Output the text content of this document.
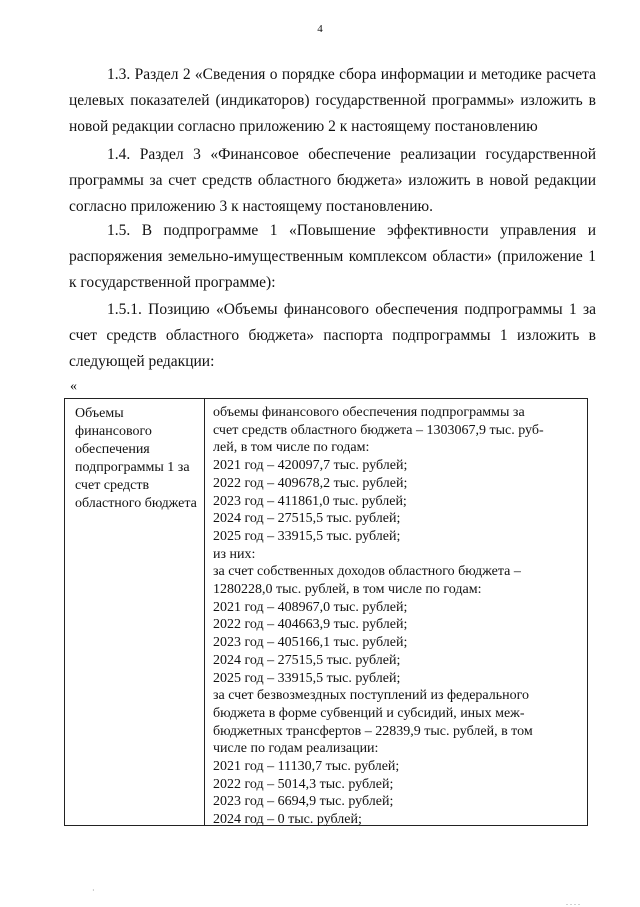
4
1.3. Раздел 2 «Сведения о порядке сбора информации и методике расчета целевых показателей (индикаторов) государственной программы» изложить в новой редакции согласно приложению 2 к настоящему постановлению
1.4. Раздел 3 «Финансовое обеспечение реализации государственной программы за счет средств областного бюджета» изложить в новой редакции согласно приложению 3 к настоящему постановлению.
1.5. В подпрограмме 1 «Повышение эффективности управления и распоряжения земельно-имущественным комплексом области» (приложение 1 к государственной программе):
1.5.1. Позицию «Объемы финансового обеспечения подпрограммы 1 за счет средств областного бюджета» паспорта подпрограммы 1 изложить в следующей редакции:
«
Объемы финансового обеспечения подпрограммы 1 за счет средств областного бюджета
объемы финансового обеспечения подпрограммы за
счет средств областного бюджета – 1303067,9 тыс. руб-
лей, в том числе по годам:
2021 год – 420097,7 тыс. рублей;
2022 год – 409678,2 тыс. рублей;
2023 год – 411861,0 тыс. рублей;
2024 год – 27515,5 тыс. рублей;
2025 год – 33915,5 тыс. рублей;
из них:
за счет собственных доходов областного бюджета –
1280228,0 тыс. рублей, в том числе по годам:
2021 год – 408967,0 тыс. рублей;
2022 год – 404663,9 тыс. рублей;
2023 год – 405166,1 тыс. рублей;
2024 год – 27515,5 тыс. рублей;
2025 год – 33915,5 тыс. рублей;
за счет безвозмездных поступлений из федерального
бюджета в форме субвенций и субсидий, иных меж-
бюджетных трансфертов – 22839,9 тыс. рублей, в том
числе по годам реализации:
2021 год – 11130,7 тыс. рублей;
2022 год – 5014,3 тыс. рублей;
2023 год – 6694,9 тыс. рублей;
2024 год – 0 тыс. рублей;
·
. . . .
